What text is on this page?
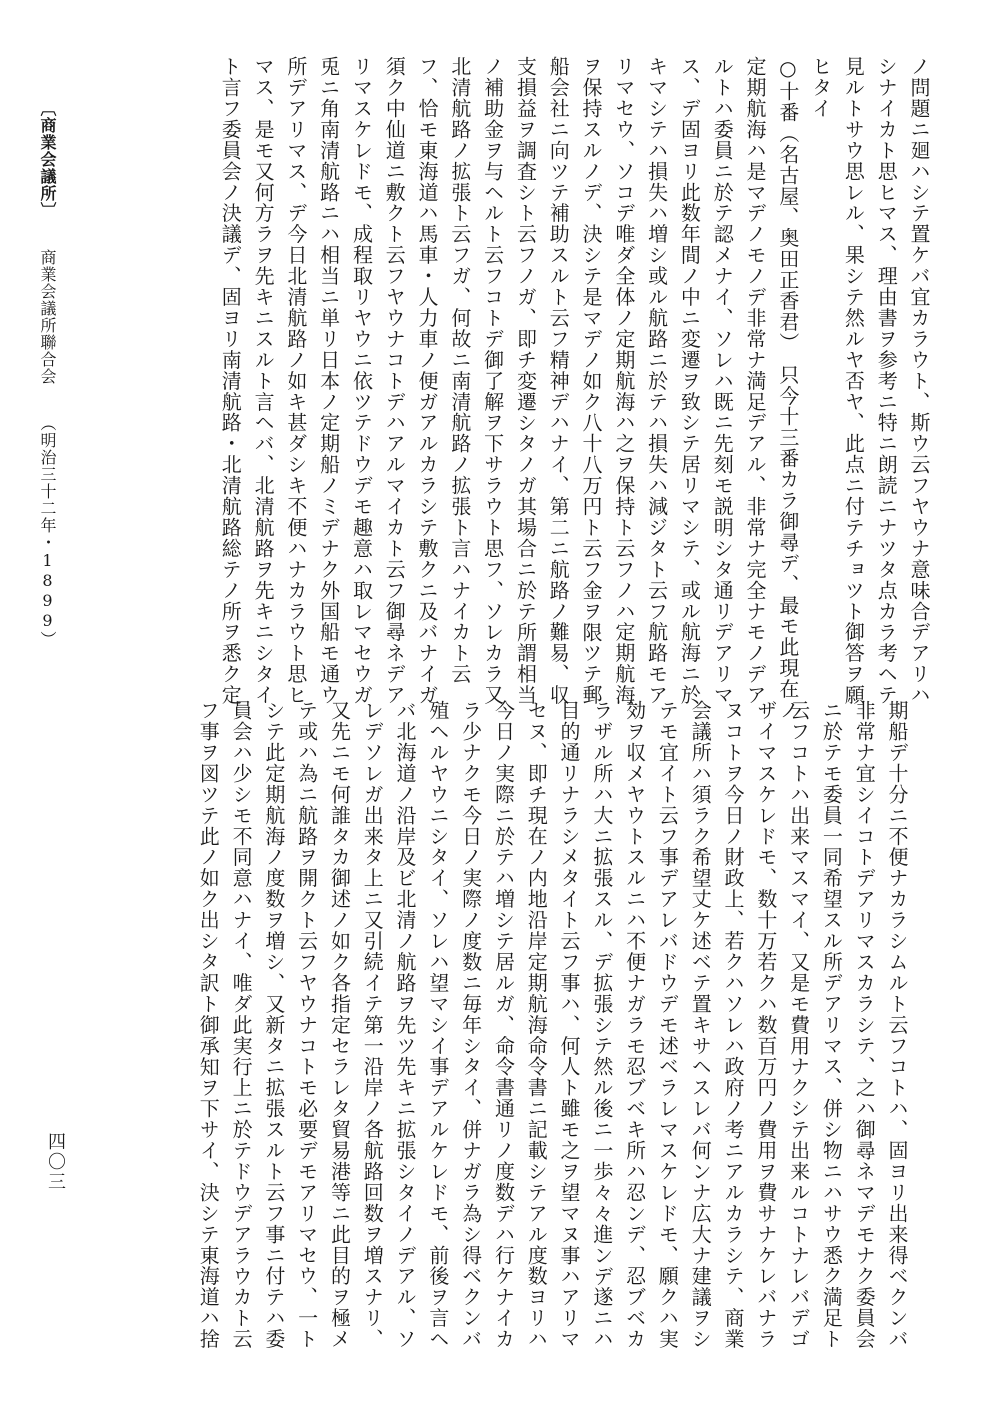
ノ問題ニ廻ハシテ置ケバ宜カラウト、斯ウ云フヤウナ意味合デアリハ
シナイカト思ヒマス、理由書ヲ参考ニ特ニ朗読ニナツタ点カラ考ヘテ
見ルトサウ思レル、果シテ然ルヤ否ヤ、此点ニ付テチョツト御答ヲ願
ヒタイ
○十番（名古屋、奥田正香君）　只今十三番カラ御尋デ、最モ此現在ノ
定期航海ハ是マデノモノデ非常ナ満足デアル、非常ナ完全ナモノデア
ルトハ委員ニ於テ認メナイ、ソレハ既ニ先刻モ説明シタ通リデアリマ
ス、デ固ヨリ此数年間ノ中ニ変遷ヲ致シテ居リマシテ、或ル航海ニ於
キマシテハ損失ハ増シ或ル航路ニ於テハ損失ハ減ジタト云フ航路モア
リマセウ、ソコデ唯ダ全体ノ定期航海ハ之ヲ保持ト云フノハ定期航海
ヲ保持スルノデ、決シテ是マデノ如ク八十八万円ト云フ金ヲ限ツテ郵
船会社ニ向ツテ補助スルト云フ精神デハナイ、第二ニ航路ノ難易、収
支損益ヲ調査シト云フノガ、即チ変遷シタノガ其場合ニ於テ所謂相当
ノ補助金ヲ与ヘルト云フコトデ御了解ヲ下サラウト思フ、ソレカラ又
北清航路ノ拡張ト云フガ、何故ニ南清航路ノ拡張ト言ハナイカト云
フ、恰モ東海道ハ馬車・人力車ノ便ガアルカラシテ敷クニ及バナイガ
須ク中仙道ニ敷クト云フヤウナコトデハアルマイカト云フ御尋ネデア
リマスケレドモ、成程取リヤウニ依ツテドウデモ趣意ハ取レマセウガ
兎ニ角南清航路ニハ相当ニ単リ日本ノ定期船ノミデナク外国船モ通ウ
所デアリマス、デ今日北清航路ノ如キ甚ダシキ不便ハナカラウト思ヒ
マス、是モ又何方ラヲ先キニスルト言ヘバ、北清航路ヲ先キニシタイ
ト言フ委員会ノ決議デ、固ヨリ南清航路・北清航路総テノ所ヲ悉ク定
期船デ十分ニ不便ナカラシムルト云フコトハ、固ヨリ出来得ベクンバ
非常ナ宜シイコトデアリマスカラシテ、之ハ御尋ネマデモナク委員会
ニ於テモ委員一同希望スル所デアリマス、併シ物ニハサウ悉ク満足ト
云フコトハ出来マスマイ、又是モ費用ナクシテ出来ルコトナレバデゴ
ザイマスケレドモ、数十万若クハ数百万円ノ費用ヲ費サナケレバナラ
ヌコトヲ今日ノ財政上、若クハソレハ政府ノ考ニアルカラシテ、商業
会議所ハ須ラク希望丈ケ述ベテ置キサヘスレバ何ンナ広大ナ建議ヲシ
テモ宜イト云フ事デアレバドウデモ述ベラレマスケレドモ、願クハ実
効ヲ収メヤウトスルニハ不便ナガラモ忍ブベキ所ハ忍ンデ、忍ブベカ
ラザル所ハ大ニ拡張スル、デ拡張シテ然ル後ニ一歩々々進ンデ遂ニハ
目的通リナラシメタイト云フ事ハ、何人ト雖モ之ヲ望マヌ事ハアリマ
セヌ、即チ現在ノ内地沿岸定期航海命令書ニ記載シテアル度数ヨリハ
今日ノ実際ニ於テハ増シテ居ルガ、命令書通リノ度数デハ行ケナイカ
ラ少ナクモ今日ノ実際ノ度数ニ毎年シタイ、併ナガラ為シ得ベクンバ
殖ヘルヤウニシタイ、ソレハ望マシイ事デアルケレドモ、前後ヲ言ヘ
バ北海道ノ沿岸及ビ北清ノ航路ヲ先ツ先キニ拡張シタイノデアル、ソ
レデソレガ出来タ上ニ又引続イテ第一沿岸ノ各航路回数ヲ増スナリ、
又先ニモ何誰タカ御述ノ如ク各指定セラレタ貿易港等ニ此目的ヲ極メ
テ或ハ為ニ航路ヲ開クト云フヤウナコトモ必要デモアリマセウ、一ト
シテ此定期航海ノ度数ヲ増シ、又新タニ拡張スルト云フ事ニ付テハ委
員会ハ少シモ不同意ハナイ、唯ダ此実行上ニ於テドウデアラウカト云
フ事ヲ図ツテ此ノ如ク出シタ訳ト御承知ヲ下サイ、決シテ東海道ハ捨
〔商業会議所〕商業会議所聯合会（明治三十二年・1899）
四〇三
